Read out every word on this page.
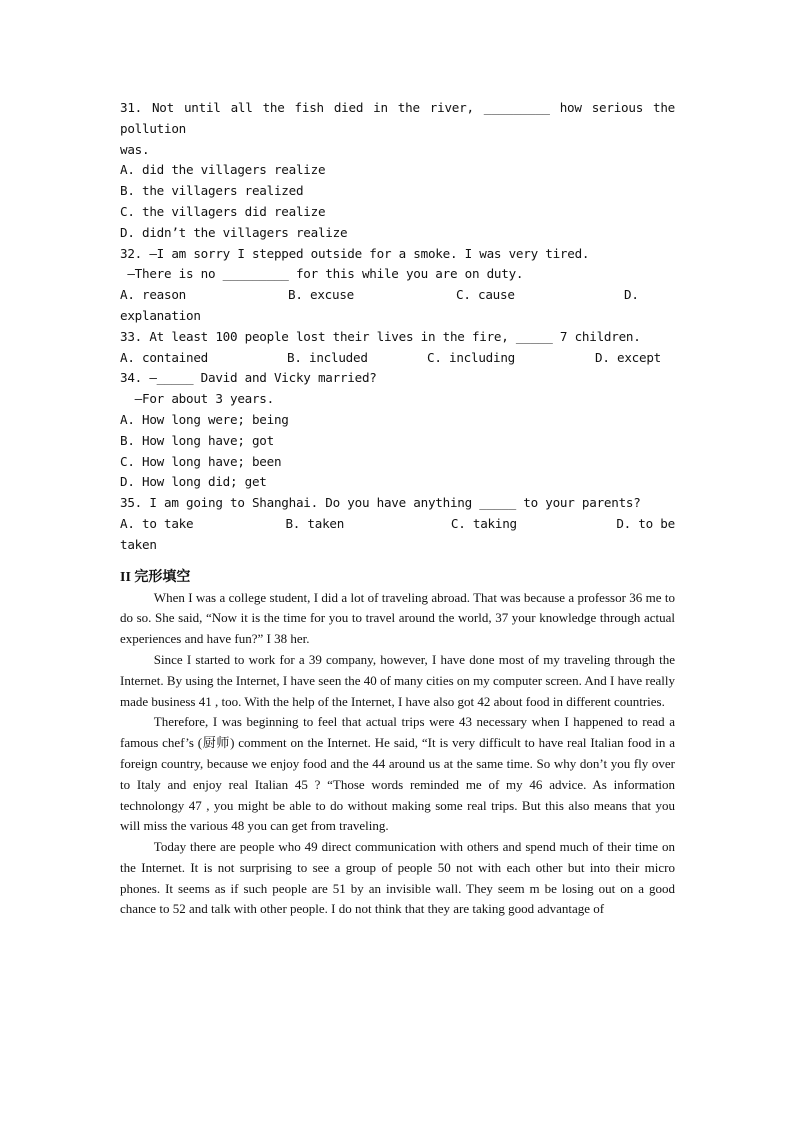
31. Not until all the fish died in the river, _________ how serious the pollution
was.
A. did the villagers realize
B. the villagers realized
C. the villagers did realize
D. didn’t the villagers realize
32. —I am sorry I stepped outside for a smoke. I was very tired.
—There is no _________ for this while you are on duty.
A. reason	B. excuse	C. cause	D.
explanation
33. At least 100 people lost their lives in the fire, _____ 7 children.
A. contained	B. included	C. including	D. except
34. —_____ David and Vicky married?
—For about 3 years.
A. How long were; being
B. How long have; got
C. How long have; been
D. How long did; get
35. I am going to Shanghai. Do you have anything _____ to your parents?
A. to take	B. taken	C. taking	D. to be
taken
II 完形填空

When I was a college student, I did a lot of traveling abroad. That was because a professor 36 me to do so. She said, “Now it is the time for you to travel around the world, 37 your knowledge through actual experiences and have fun?” I 38 her.

Since I started to work for a 39 company, however, I have done most of my traveling through the Internet. By using the Internet, I have seen the 40 of many cities on my computer screen. And I have really made business 41 , too. With the help of the Internet, I have also got 42 about food in different countries.

Therefore, I was beginning to feel that actual trips were 43 necessary when I happened to read a famous chef’s (厨师) comment on the Internet. He said, “It is very difficult to have real Italian food in a foreign country, because we enjoy food and the 44 around us at the same time. So why don’t you fly over to Italy and enjoy real Italian 45 ? “Those words reminded me of my 46 advice. As information technolongy 47 , you might be able to do without making some real trips. But this also means that you will miss the various 48 you can get from traveling.

Today there are people who 49 direct communication with others and spend much of their time on the Internet. It is not surprising to see a group of people 50 not with each other but into their micro phones. It seems as if such people are 51 by an invisible wall. They seem m be losing out on a good chance to 52 and talk with other people. I do not think that they are taking good advantage of
